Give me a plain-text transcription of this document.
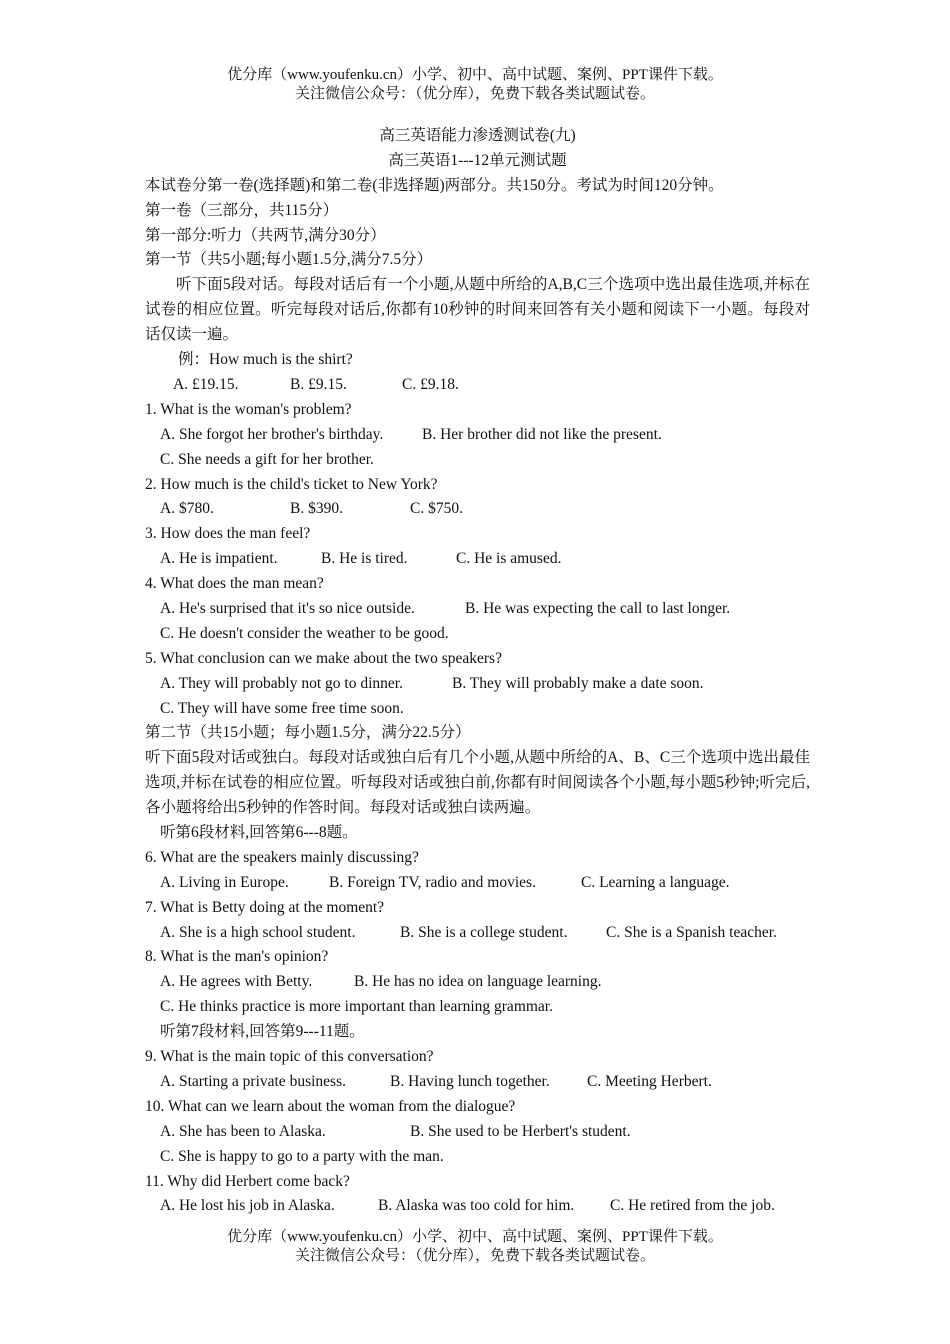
优分库（www.youfenku.cn）小学、初中、高中试题、案例、PPT课件下载。
关注微信公众号：（优分库），免费下载各类试题试卷。
高三英语能力渗透测试卷(九)
高三英语1---12单元测试题
本试卷分第一卷(选择题)和第二卷(非选择题)两部分。共150分。考试为时间120分钟。
第一卷（三部分，共115分）
第一部分:听力（共两节,满分30分）
第一节（共5小题;每小题1.5分,满分7.5分）
听下面5段对话。每段对话后有一个小题,从题中所给的A,B,C三个选项中选出最佳选项,并标在试卷的相应位置。听完每段对话后,你都有10秒钟的时间来回答有关小题和阅读下一小题。每段对话仅读一遍。
例：How much is the shirt?
A. £19.15.	B. £9.15.	C. £9.18.
1. What is the woman's problem?
A. She forgot her brother's birthday.	B. Her brother did not like the present.
C. She needs a gift for her brother.
2. How much is the child's ticket to New York?
A. $780.	B. $390.	C. $750.
3. How does the man feel?
A. He is impatient.	B. He is tired.	C. He is amused.
4. What does the man mean?
A. He's surprised that it's so nice outside.	B. He was expecting the call to last longer.
C. He doesn't consider the weather to be good.
5. What conclusion can we make about the two speakers?
A. They will probably not go to dinner.	B. They will probably make a date soon.
C. They will have some free time soon.
第二节（共15小题；每小题1.5分，满分22.5分）
听下面5段对话或独白。每段对话或独白后有几个小题,从题中所给的A、B、C三个选项中选出最佳选项,并标在试卷的相应位置。听每段对话或独白前,你都有时间阅读各个小题,每小题5秒钟;听完后,各小题将给出5秒钟的作答时间。每段对话或独白读两遍。
听第6段材料,回答第6---8题。
6. What are the speakers mainly discussing?
A. Living in Europe.	B. Foreign TV, radio and movies.	C. Learning a language.
7. What is Betty doing at the moment?
A. She is a high school student.	B. She is a college student. C. She is a Spanish teacher.
8. What is the man's opinion?
A. He agrees with Betty.	B. He has no idea on language learning.
C. He thinks practice is more important than learning grammar.
听第7段材料,回答第9---11题。
9. What is the main topic of this conversation?
A. Starting a private business.	B. Having lunch together. C. Meeting Herbert.
10. What can we learn about the woman from the dialogue?
A. She has been to Alaska.	B. She used to be Herbert's student.
C. She is happy to go to a party with the man.
11. Why did Herbert come back?
A. He lost his job in Alaska.	B. Alaska was too cold for him. C. He retired from the job.
优分库（www.youfenku.cn）小学、初中、高中试题、案例、PPT课件下载。
关注微信公众号：（优分库），免费下载各类试题试卷。
